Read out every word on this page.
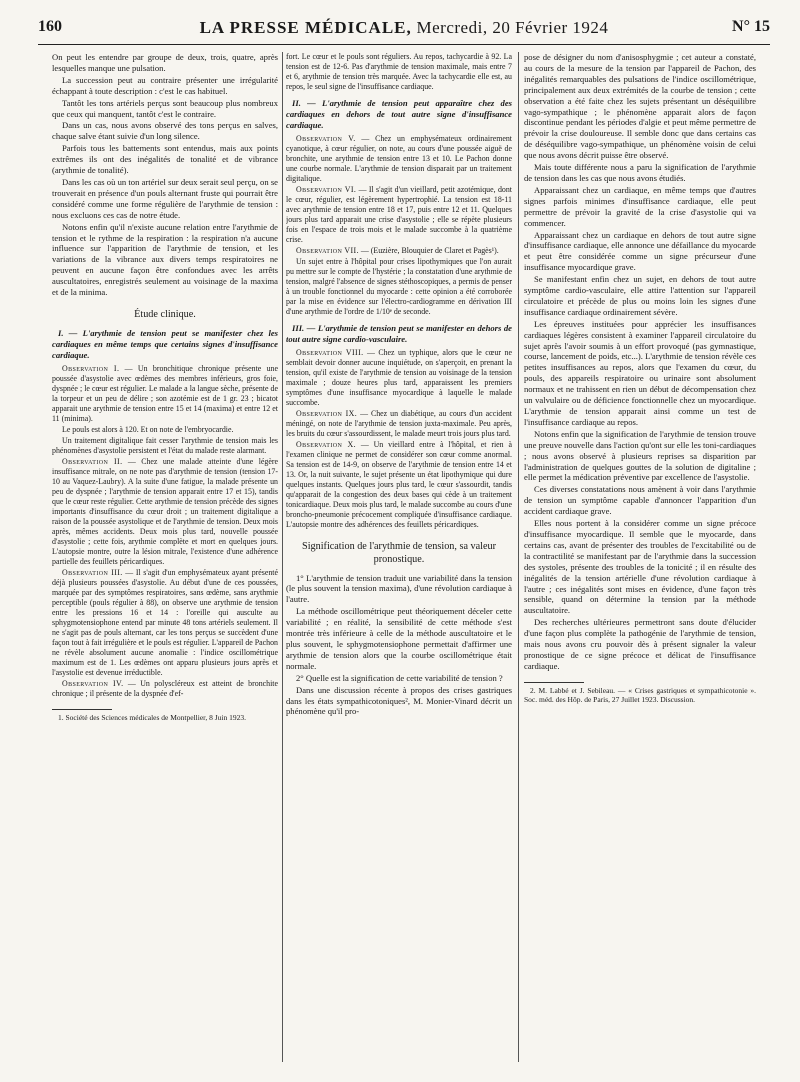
160	LA PRESSE MÉDICALE, Mercredi, 20 Février 1924	N° 15

On peut les entendre par groupe de deux, trois, quatre, après lesquelles manque une pulsation.

La succession peut au contraire présenter une irrégularité échappant à toute description : c'est le cas habituel.

Tantôt les tons artériels perçus sont beaucoup plus nombreux que ceux qui manquent, tantôt c'est le contraire.

Dans un cas, nous avons observé des tons perçus en salves, chaque salve étant suivie d'un long silence.

Parfois tous les battements sont entendus, mais aux points extrêmes ils ont des inégalités de tonalité et de vibrance (arythmie de tonalité).

Dans les cas où un ton artériel sur deux serait seul perçu, on se trouverait en présence d'un pouls alternant fruste qui pourrait être considéré comme une forme régulière de l'arythmie de tension : nous excluons ces cas de notre étude.

Notons enfin qu'il n'existe aucune relation entre l'arythmie de tension et le rythme de la respiration : la respiration n'a aucune influence sur l'apparition de l'arythmie de tension, et les variations de la vibrance aux divers temps respiratoires ne peuvent en aucune façon être confondues avec les arrêts auscultatoires, enregistrés seulement au voisinage de la maxima et de la minima.

Étude clinique.
I. — L'arythmie de tension peut se manifester chez les cardiaques en même temps que certains signes d'insuffisance cardiaque.

Observation I. — Un bronchitique chronique présente une poussée d'asystolie avec œdèmes des membres inférieurs, gros foie, dyspnée ; le cœur est régulier. Le malade a la langue sèche, présente de la torpeur et un peu de délire ; son azotémie est de 1 gr. 23 ; bicatot apparait une arythmie de tension entre 15 et 14 (maxima) et entre 12 et 11 (minima).

Le pouls est alors à 120. Et on note de l'embryocardie.

Un traitement digitalique fait cesser l'arythmie de tension mais les phénomènes d'asystolie persistent et l'état du malade reste alarmant.

Observation II. — Chez une malade atteinte d'une légère insuffisance mitrale, on ne note pas d'arythmie de tension (tension 17-10 au Vaquez-Laubry). A la suite d'une fatigue, la malade présente un peu de dyspnée ; l'arythmie de tension apparait entre 17 et 15), tandis que le cœur reste régulier. Cette arythmie de tension précède des signes importants d'insuffisance du cœur droit ; un traitement digitalique a raison de la poussée asystolique et de l'arythmie de tension. Deux mois après, mêmes accidents. Deux mois plus tard, nouvelle poussée d'asystolie ; cette fois, arythmie complète et mort en quelques jours. L'autopsie montre, outre la lésion mitrale, l'existence d'une adhérence partielle des feuillets péricardiques.

Observation III. — Il s'agit d'un emphysémateux ayant présenté déjà plusieurs poussées d'asystolie. Au début d'une de ces poussées, marquée par des symptômes respiratoires, sans œdème, sans arythmie perceptible (pouls régulier à 88), on observe une arythmie de tension entre les pressions 16 et 14 : l'oreille qui ausculte au sphygmotensiophone entend par minute 48 tons artériels seulement. Il ne s'agit pas de pouls alternant, car les tons perçus se succèdent d'une façon tout à fait irrégulière et le pouls est régulier. L'appareil de Pachon ne révèle absolument aucune anomalie : l'indice oscillométrique maximum est de 1. Les œdèmes ont apparu plusieurs jours après et l'asystolie est devenue irréductible.

Observation IV. — Un polyscléreux est atteint de bronchite chronique ; il présente de la dyspnée d'ef-

1. Société des Sciences médicales de Montpellier, 8 Juin 1923.

fort. Le cœur et le pouls sont réguliers. Au repos, tachycardie à 92. La tension est de 12-6. Pas d'arythmie de tension maximale, mais entre 7 et 6, arythmie de tension très marquée. Avec la tachycardie elle est, au repos, le seul signe de l'insuffisance cardiaque.

II. — L'arythmie de tension peut apparaître chez des cardiaques en dehors de tout autre signe d'insuffisance cardiaque.

Observation V. — Chez un emphysémateux ordinairement cyanotique, à cœur régulier, on note, au cours d'une poussée aiguë de bronchite, une arythmie de tension entre 13 et 10. Le Pachon donne une courbe normale. L'arythmie de tension disparait par un traitement digitalique.

Observation VI. — Il s'agit d'un vieillard, petit azotémique, dont le cœur, régulier, est légèrement hypertrophié. La tension est 18-11 avec arythmie de tension entre 18 et 17, puis entre 12 et 11. Quelques jours plus tard apparait une crise d'asystolie ; elle se répète plusieurs fois en l'espace de trois mois et le malade succombe à la quatrième crise.

Observation VII. — (Euzière, Blouquier de Claret et Pagès¹).

Un sujet entre à l'hôpital pour crises lipothymiques que l'on aurait pu mettre sur le compte de l'hystérie ; la constatation d'une arythmie de tension, malgré l'absence de signes stéthoscopiques, a permis de penser à un trouble fonctionnel du myocarde : cette opinion a été corroborée par la mise en évidence sur l'électro-cardiogramme en dérivation III d'une arythmie de l'ordre de 1/10ᵉ de seconde.

III. — L'arythmie de tension peut se manifester en dehors de tout autre signe cardio-vasculaire.

Observation VIII. — Chez un typhique, alors que le cœur ne semblait devoir donner aucune inquiétude, on s'aperçoit, en prenant la tension, qu'il existe de l'arythmie de tension au voisinage de la tension maximale ; douze heures plus tard, apparaissent les premiers symptômes d'une insuffisance myocardique à laquelle le malade succombe.

Observation IX. — Chez un diabétique, au cours d'un accident méningé, on note de l'arythmie de tension juxta-maximale. Peu après, les bruits du cœur s'assourdissent, le malade meurt trois jours plus tard.

Observation X. — Un vieillard entre à l'hôpital, et rien à l'examen clinique ne permet de considérer son cœur comme anormal. Sa tension est de 14-9, on observe de l'arythmie de tension entre 14 et 13. Or, la nuit suivante, le sujet présente un état lipothymique qui dure quelques instants. Quelques jours plus tard, le cœur s'assourdit, tandis qu'apparait de la congestion des deux bases qui cède à un traitement tonicardiaque. Deux mois plus tard, le malade succombe au cours d'une broncho-pneumonie précocement compliquée d'insuffisance cardiaque. L'autopsie montre des adhérences des feuillets péricardiques.

Signification de l'arythmie de tension, sa valeur pronostique.

1° L'arythmie de tension traduit une variabilité dans la tension (le plus souvent la tension maxima), d'une révolution cardiaque à l'autre.

La méthode oscillométrique peut théoriquement déceler cette variabilité ; en réalité, la sensibilité de cette méthode s'est montrée très inférieure à celle de la méthode auscultatoire et le plus souvent, le sphygmotensiophone permettait d'affirmer une arythmie de tension alors que la courbe oscillométrique était normale.

2° Quelle est la signification de cette variabilité de tension ?

Dans une discussion récente à propos des crises gastriques dans les états sympathicotoniques², M. Monier-Vinard décrit un phénomène qu'il pro-

pose de désigner du nom d'anisosphygmie ; cet auteur a constaté, au cours de la mesure de la tension par l'appareil de Pachon, des inégalités remarquables des pulsations de l'indice oscillométrique, principalement aux deux extrémités de la courbe de tension ; cette observation a été faite chez les sujets présentant un déséquilibre vago-sympathique ; le phénomène apparait alors de façon discontinue pendant les périodes d'algie et peut même permettre de prévoir la crise douloureuse. Il semble donc que dans certains cas de déséquilibre vago-sympathique, un phénomène voisin de celui que nous avons décrit puisse être observé.

Mais toute différente nous a paru la signification de l'arythmie de tension dans les cas que nous avons étudiés.

Apparaissant chez un cardiaque, en même temps que d'autres signes parfois minimes d'insuffisance cardiaque, elle peut permettre de prévoir la gravité de la crise d'asystolie qui va commencer.

Apparaissant chez un cardiaque en dehors de tout autre signe d'insuffisance cardiaque, elle annonce une défaillance du myocarde et peut être considérée comme un signe précurseur d'une insuffisance myocardique grave.

Se manifestant enfin chez un sujet, en dehors de tout autre symptôme cardio-vasculaire, elle attire l'attention sur l'appareil circulatoire et précède de plus ou moins loin les signes d'une insuffisance cardiaque ordinairement sévère.

Les épreuves instituées pour apprécier les insuffisances cardiaques légères consistent à examiner l'appareil circulatoire du sujet après l'avoir soumis à un effort provoqué (pas gymnastique, course, lancement de poids, etc...). L'arythmie de tension révèle ces petites insuffisances au repos, alors que l'examen du cœur, du pouls, des appareils respiratoire ou urinaire sont absolument normaux et ne trahissent en rien un début de décompensation chez un valvulaire ou de déficience fonctionnelle chez un myocardique. L'arythmie de tension apparait ainsi comme un test de l'insuffisance cardiaque au repos.

Notons enfin que la signification de l'arythmie de tension trouve une preuve nouvelle dans l'action qu'ont sur elle les toni-cardiaques ; nous avons observé à plusieurs reprises sa disparition par l'administration de quelques gouttes de la solution de digitaline ; elle permet la médication préventive par excellence de l'asystolie.

Ces diverses constatations nous amènent à voir dans l'arythmie de tension un symptôme capable d'annoncer l'apparition d'un accident cardiaque grave.

Elles nous portent à la considérer comme un signe précoce d'insuffisance myocardique. Il semble que le myocarde, dans certains cas, avant de présenter des troubles de l'excitabilité ou de la contractilité se manifestant par de l'arythmie dans la succession des systoles, présente des troubles de la tonicité ; il en résulte des inégalités de la tension artérielle d'une révolution cardiaque à l'autre ; ces inégalités sont mises en évidence, d'une façon très sensible, quand on détermine la tension par la méthode auscultatoire.

Des recherches ultérieures permettront sans doute d'élucider d'une façon plus complète la pathogénie de l'arythmie de tension, mais nous avons cru pouvoir dès à présent signaler la valeur pronostique de ce signe précoce et délicat de l'insuffisance cardiaque.

2. M. Labbé et J. Sebileau. — « Crises gastriques et sympathicotonie ». Soc. méd. des Hôp. de Paris, 27 Juillet 1923. Discussion.
